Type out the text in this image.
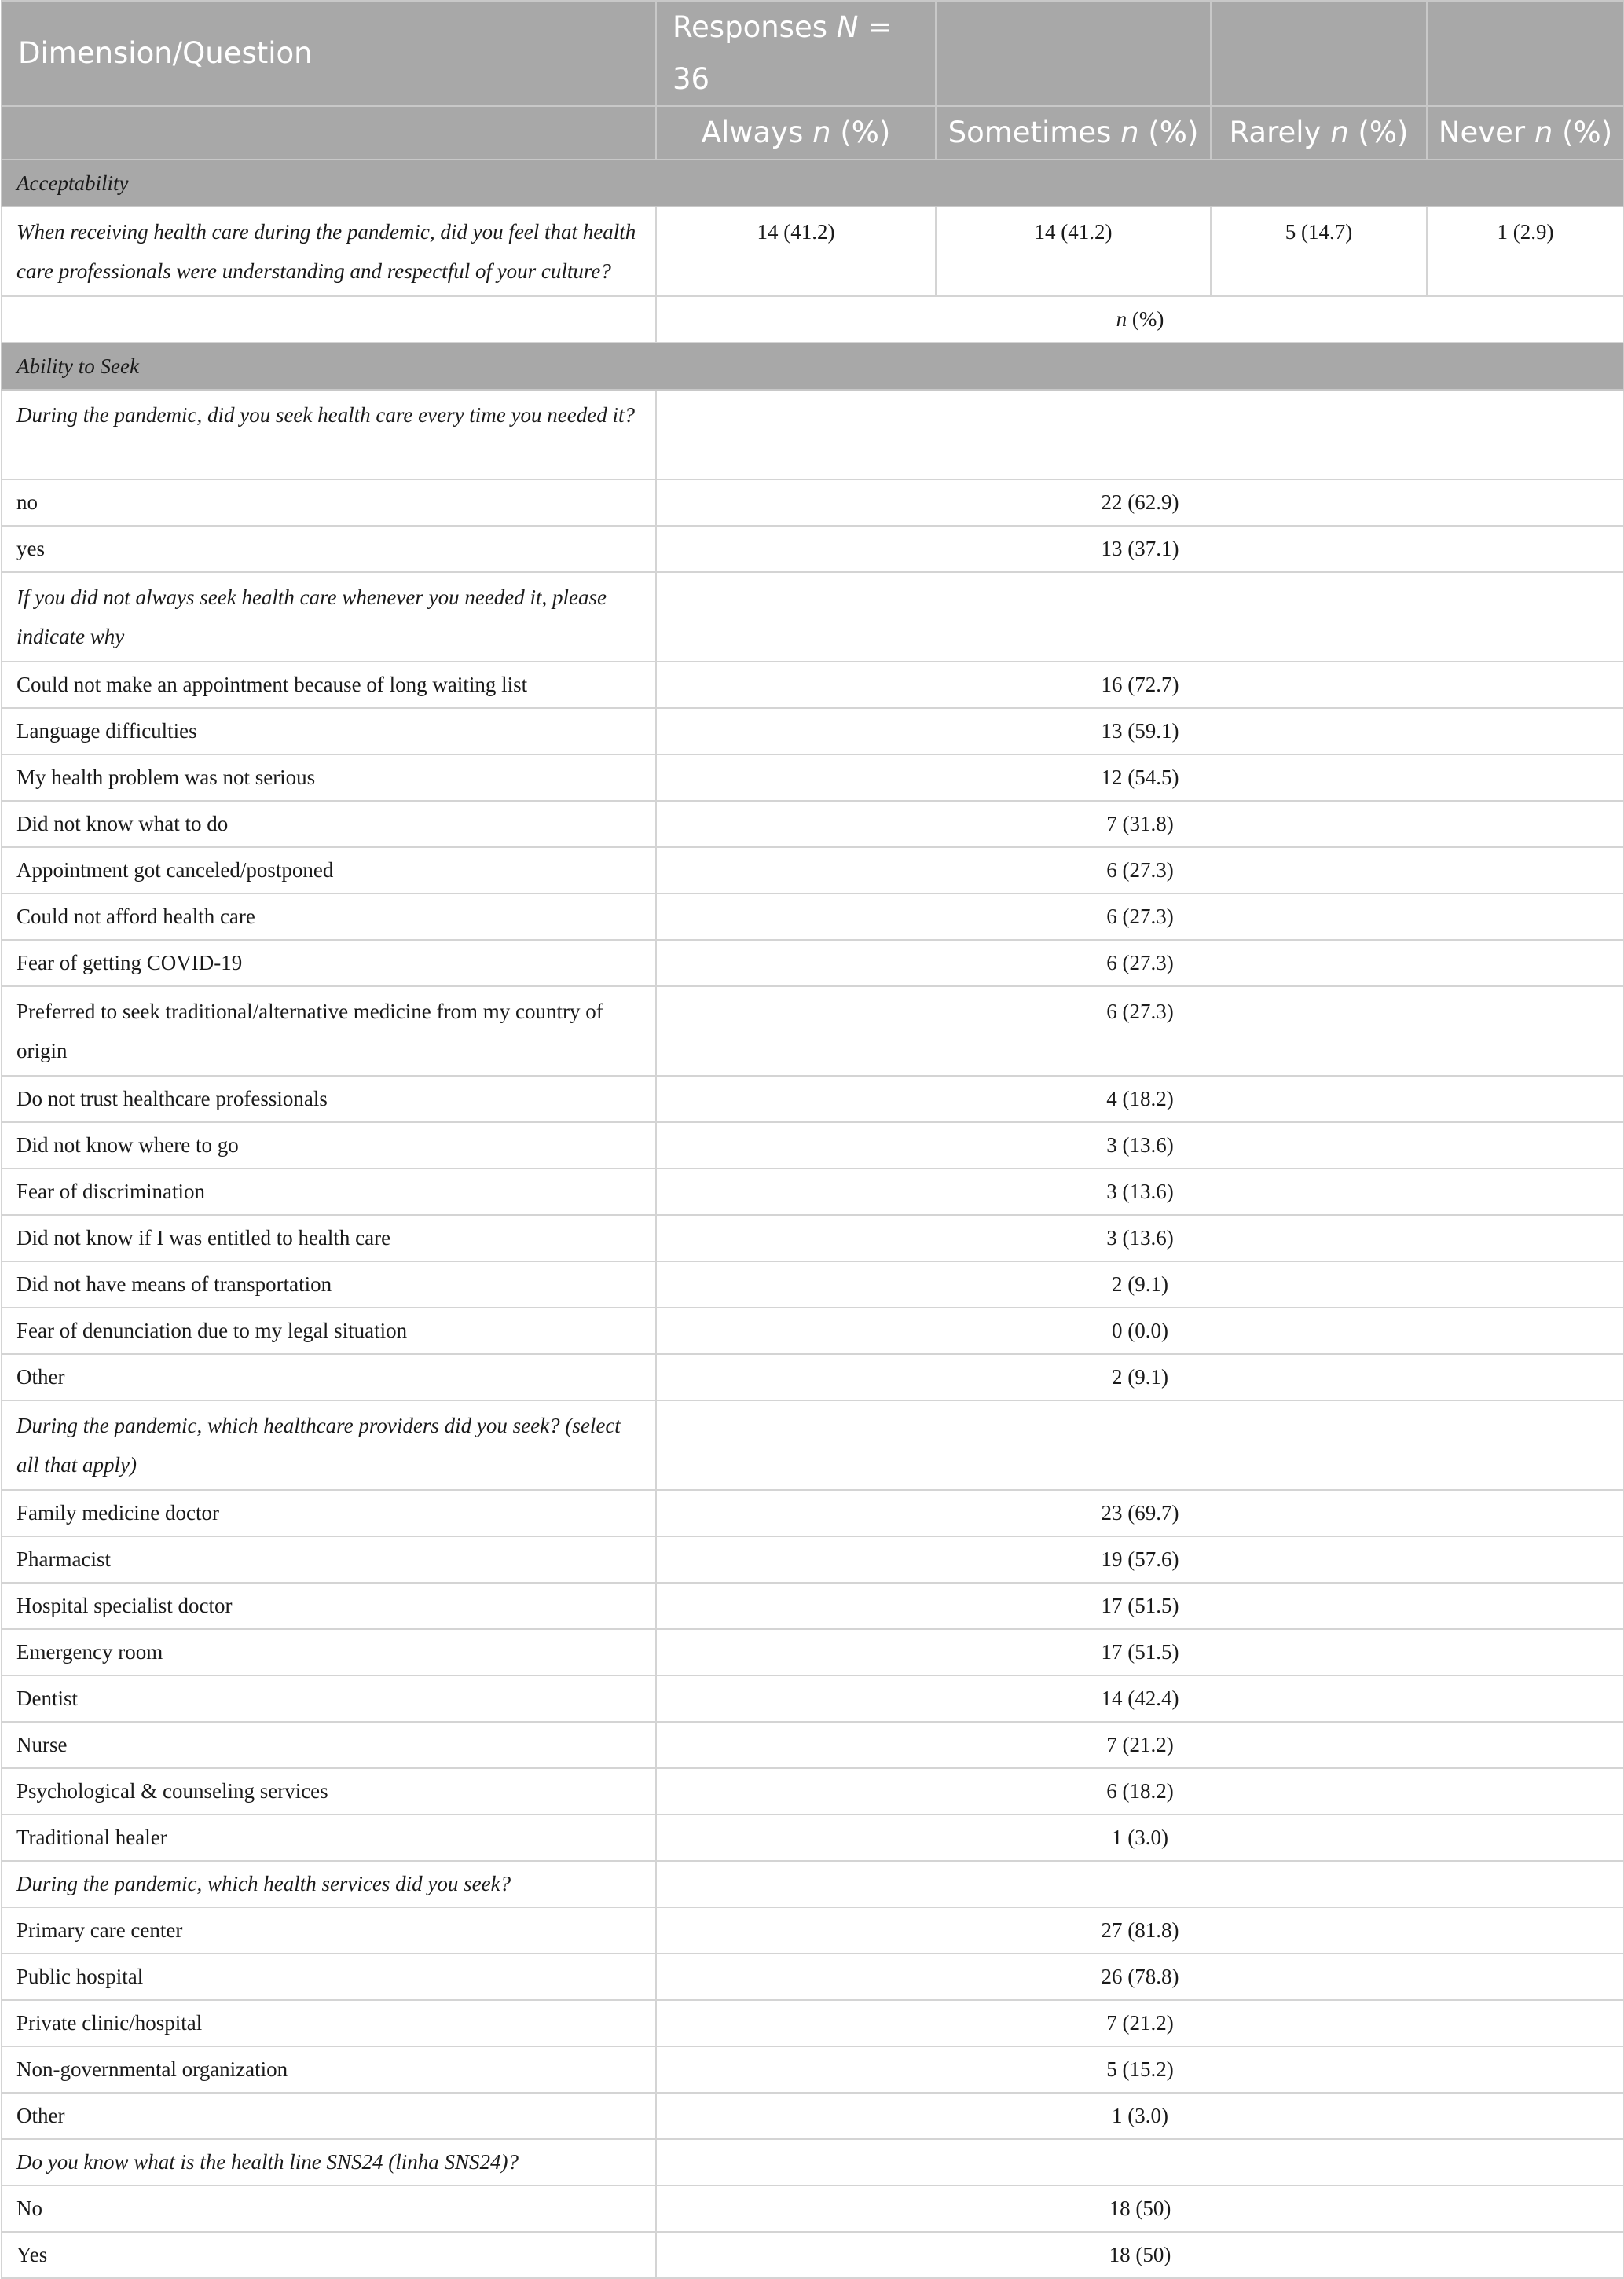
Dimension/Question	Responses N = 36			
	Always n (%)	Sometimes n (%)	Rarely n (%)	Never n (%)
Acceptability				
When receiving health care during the pandemic, did you feel that health care professionals were understanding and respectful of your culture?	14 (41.2)	14 (41.2)	5 (14.7)	1 (2.9)
	n (%)			
Ability to Seek				
During the pandemic, did you seek health care every time you needed it?				
no	22 (62.9)			
yes	13 (37.1)			
If you did not always seek health care whenever you needed it, please indicate why				
Could not make an appointment because of long waiting list	16 (72.7)			
Language difficulties	13 (59.1)			
My health problem was not serious	12 (54.5)			
Did not know what to do	7 (31.8)			
Appointment got canceled/postponed	6 (27.3)			
Could not afford health care	6 (27.3)			
Fear of getting COVID-19	6 (27.3)			
Preferred to seek traditional/alternative medicine from my country of origin	6 (27.3)			
Do not trust healthcare professionals	4 (18.2)			
Did not know where to go	3 (13.6)			
Fear of discrimination	3 (13.6)			
Did not know if I was entitled to health care	3 (13.6)			
Did not have means of transportation	2 (9.1)			
Fear of denunciation due to my legal situation	0 (0.0)			
Other	2 (9.1)			
During the pandemic, which healthcare providers did you seek? (select all that apply)				
Family medicine doctor	23 (69.7)			
Pharmacist	19 (57.6)			
Hospital specialist doctor	17 (51.5)			
Emergency room	17 (51.5)			
Dentist	14 (42.4)			
Nurse	7 (21.2)			
Psychological & counseling services	6 (18.2)			
Traditional healer	1 (3.0)			
During the pandemic, which health services did you seek?				
Primary care center	27 (81.8)			
Public hospital	26 (78.8)			
Private clinic/hospital	7 (21.2)			
Non-governmental organization	5 (15.2)			
Other	1 (3.0)			
Do you know what is the health line SNS24 (linha SNS24)?				
No	18 (50)			
Yes	18 (50)			
